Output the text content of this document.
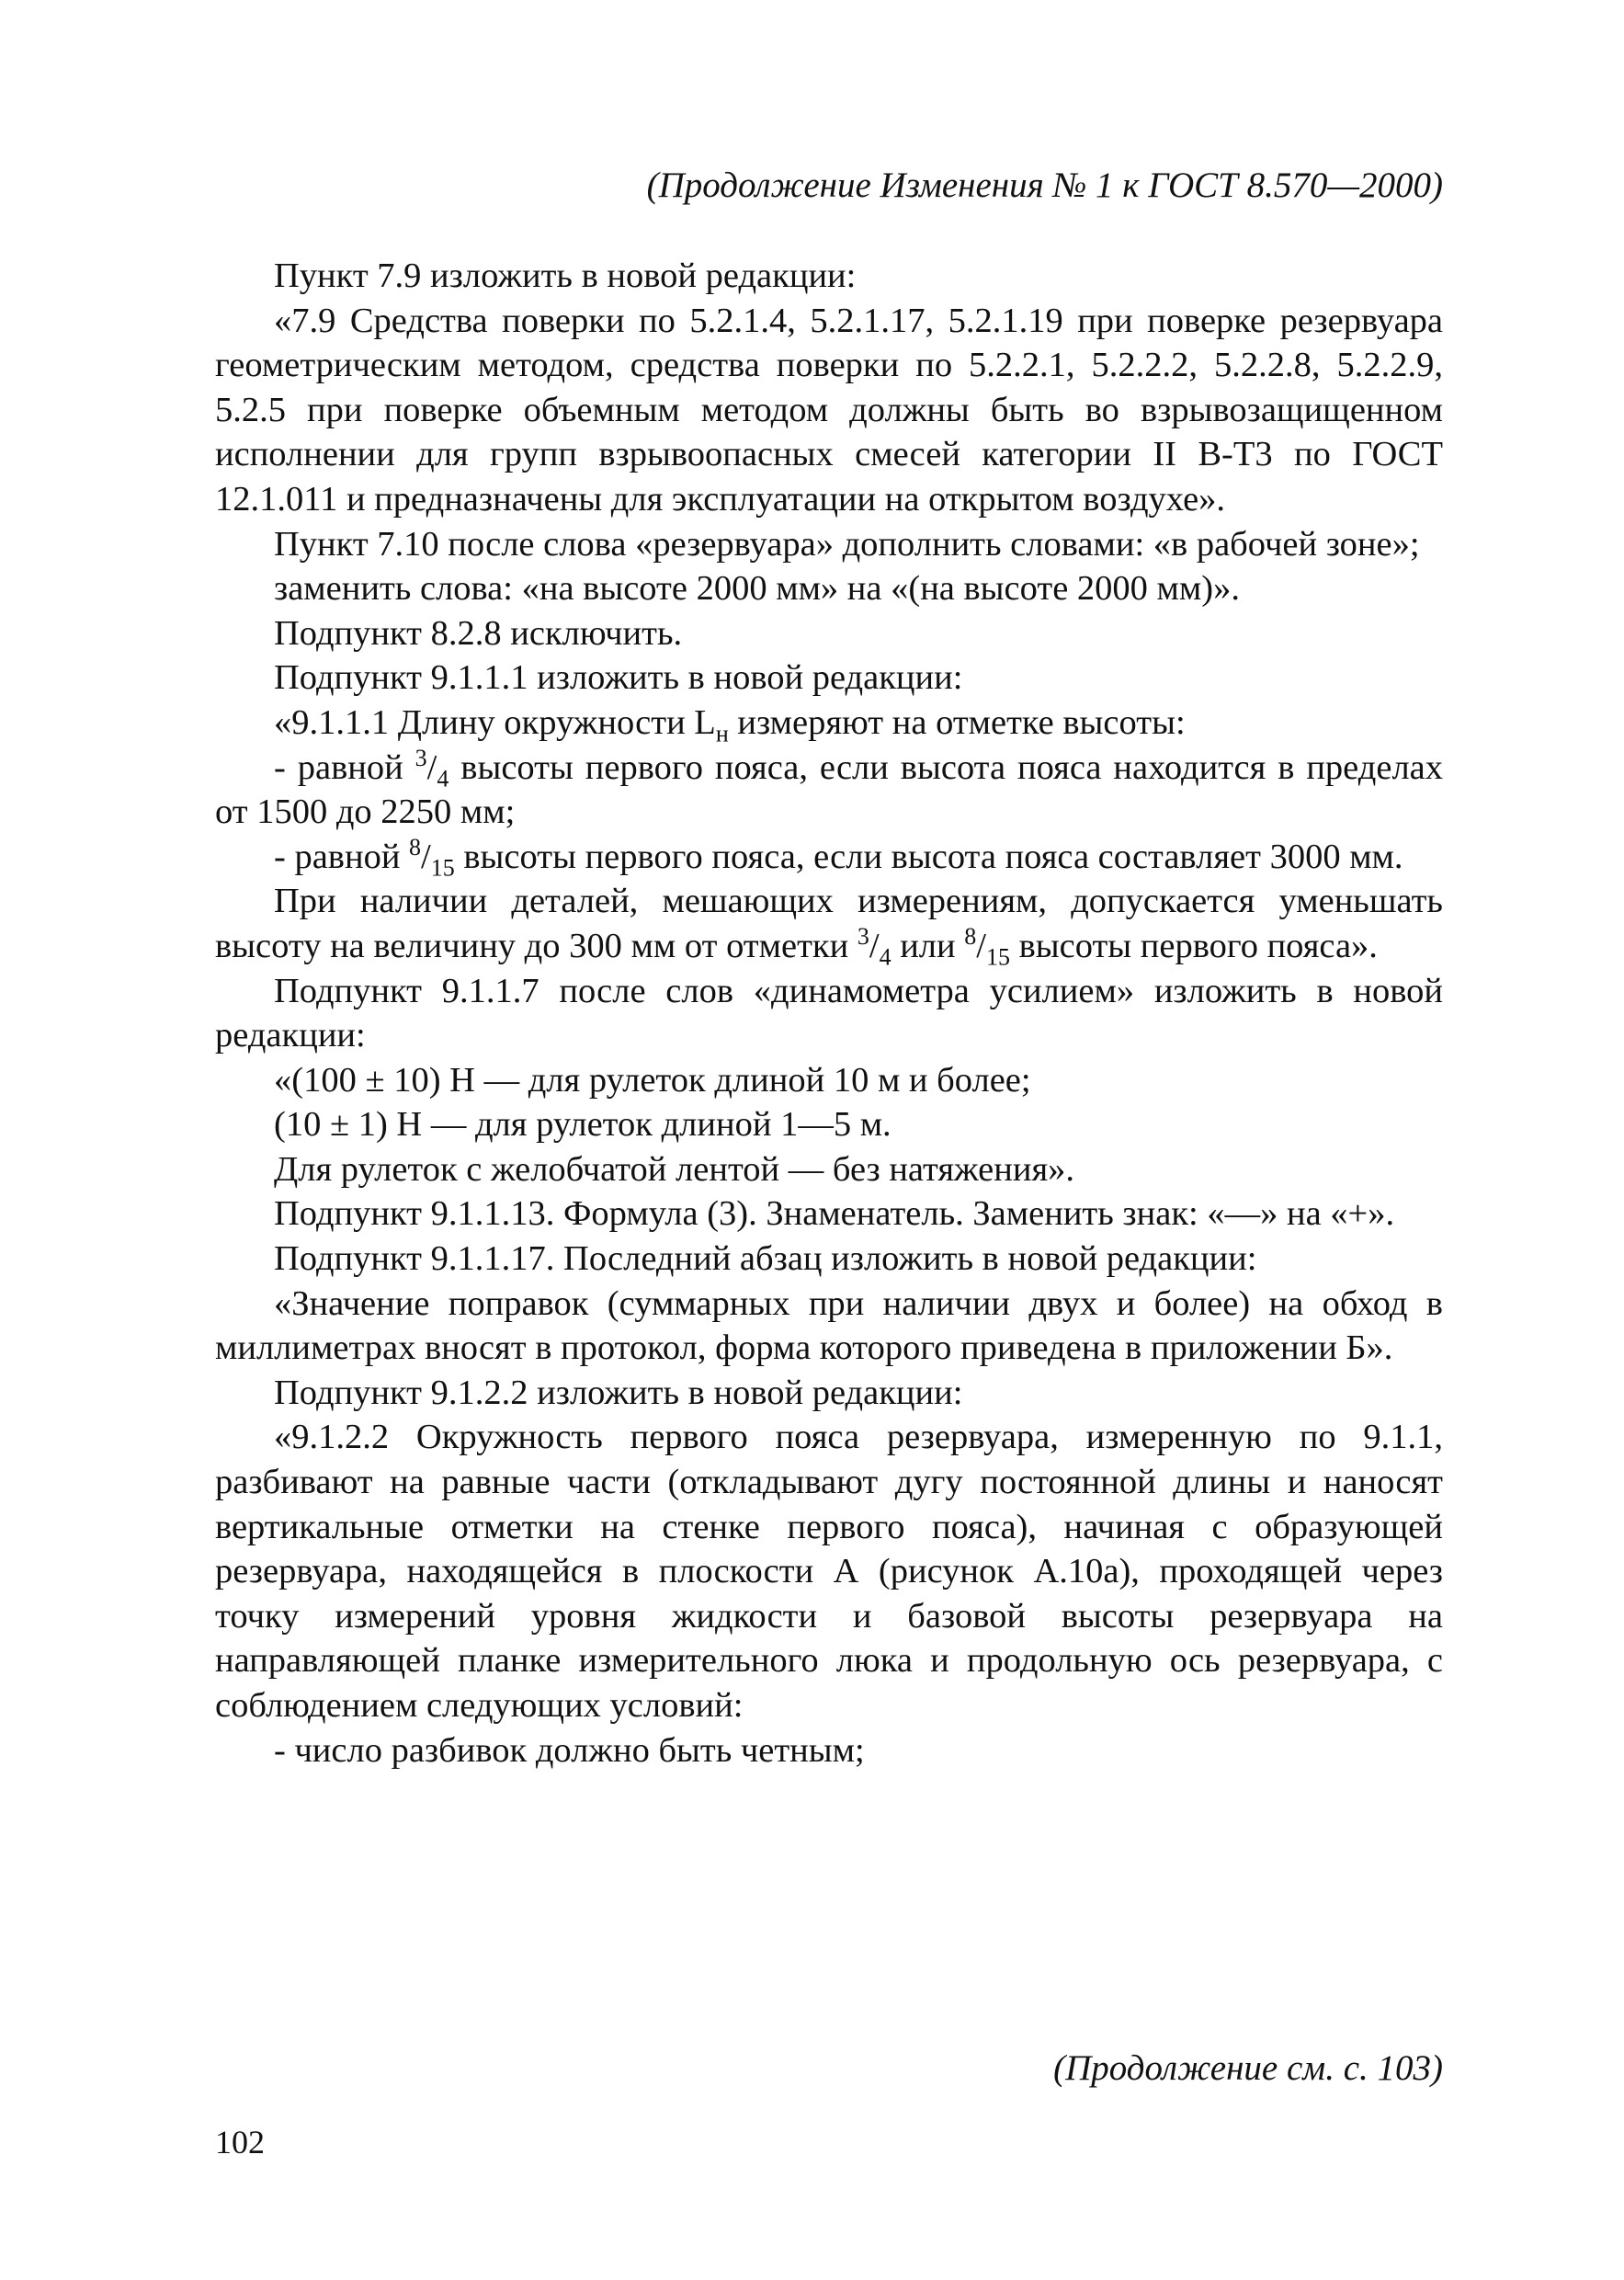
(Продолжение Изменения № 1 к ГОСТ 8.570—2000)

Пункт 7.9 изложить в новой редакции:

«7.9 Средства поверки по 5.2.1.4, 5.2.1.17, 5.2.1.19 при поверке резервуара геометрическим методом, средства поверки по 5.2.2.1, 5.2.2.2, 5.2.2.8, 5.2.2.9, 5.2.5 при поверке объемным методом должны быть во взрывозащищенном исполнении для групп взрывоопасных смесей категории II В-Т3 по ГОСТ 12.1.011 и предназначены для эксплуатации на открытом воздухе».

Пункт 7.10 после слова «резервуара» дополнить словами: «в рабочей зоне»;

заменить слова: «на высоте 2000 мм» на «(на высоте 2000 мм)».

Подпункт 8.2.8 исключить.

Подпункт 9.1.1.1 изложить в новой редакции:

«9.1.1.1 Длину окружности $L_н$ измеряют на отметке высоты:

- равной $^3/_4$ высоты первого пояса, если высота пояса находится в пределах от 1500 до 2250 мм;

- равной $^8/_{15}$ высоты первого пояса, если высота пояса составляет 3000 мм.

При наличии деталей, мешающих измерениям, допускается уменьшать высоту на величину до 300 мм от отметки $^3/_4$ или $^8/_{15}$ высоты первого пояса».

Подпункт 9.1.1.7 после слов «динамометра усилием» изложить в новой редакции:

«(100 ± 10) Н — для рулеток длиной 10 м и более;

(10 ± 1) Н — для рулеток длиной 1—5 м.

Для рулеток с желобчатой лентой — без натяжения».

Подпункт 9.1.1.13. Формула (3). Знаменатель. Заменить знак: «—» на «+».

Подпункт 9.1.1.17. Последний абзац изложить в новой редакции:

«Значение поправок (суммарных при наличии двух и более) на обход в миллиметрах вносят в протокол, форма которого приведена в приложении Б».

Подпункт 9.1.2.2 изложить в новой редакции:

«9.1.2.2 Окружность первого пояса резервуара, измеренную по 9.1.1, разбивают на равные части (откладывают дугу постоянной длины и наносят вертикальные отметки на стенке первого пояса), начиная с образующей резервуара, находящейся в плоскости А (рисунок А.10а), проходящей через точку измерений уровня жидкости и базовой высоты резервуара на направляющей планке измерительного люка и продольную ось резервуара, с соблюдением следующих условий:

- число разбивок должно быть четным;

(Продолжение см. с. 103)
102
